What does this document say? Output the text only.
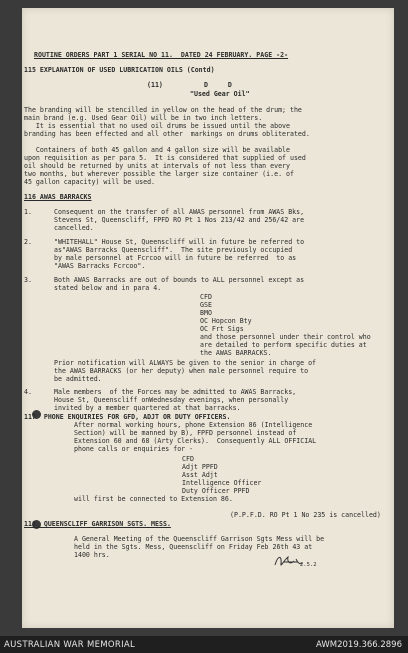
ROUTINE ORDERS PART 1 SERIAL NO 11.  DATED 24 FEBRUARY. PAGE -2-
115 EXPLANATION OF USED LUBRICATION OILS (Contd)
(11)	D     D
"Used Gear Oil"
The branding will be stencilled in yellow on the head of the drum; the
main brand (e.g. Used Gear Oil) will be in two inch letters.
It is essential that no used oil drums be issued until the above
branding has been effected and all other  markings on drums obliterated.
Containers of both 45 gallon and 4 gallon size will be available
upon requisition as per para 5.  It is considered that supplied of used
oil should be returned by units at intervals of not less than every
two months, but wherever possible the larger size container (i.e. of
45 gallon capacity) will be used.
116 AWAS BARRACKS
1.	Consequent on the transfer of all AWAS personnel from AWAS Bks,
Stevens St, Queenscliff, FPFD RO Pt 1 Nos 213/42 and 256/42 are
cancelled.
2.	"WHITEHALL" House St, Queenscliff will in future be referred to
as"AWAS Barracks Queenscliff".  The site previously occupied
by male personnel at Fcrcoo will in future be referred  to as
"AWAS Barracks Fcrcoo".
3.	Both AWAS Barracks are out of bounds to ALL personnel except as
stated below and in para 4.
CFD
GSE
BMO
OC Hopcon Bty
OC Frt Sigs
and those personnel under their control who
are detailed to perform specific duties at
the AWAS BARRACKS.
Prior notification will ALWAYS be given to the senior in charge of
the AWAS BARRACKS (or her deputy) when male personnel require to
be admitted.
4.	Male members  of the Forces may be admitted to AWAS Barracks,
House St, Queenscliff onWednesday evenings, when personally
invited by a member quartered at that barracks.
117  PHONE ENQUIRIES FOR GFD, ADJT OR DUTY OFFICERS.
After normal working hours, phone Extension 86 (Intelligence
Section) will be manned by B), FPFD personnel instead of
Extension 60 and 68 (Arty Clerks).  Consequently ALL OFFICIAL
phone calls or enquiries for -
CFD
Adjt PPFD
Asst Adjt
Intelligence Officer
Duty Officer PPFD
will first be connected to Extension 86.
(P.P.F.D. RO Pt 1 No 235 is cancelled)
118. QUEENSCLIFF GARRISON SGTS. MESS.
A General Meeting of the Queenscliff Garrison Sgts Mess will be
held in the Sgts. Mess, Queenscliff on Friday Feb 26th 43 at
1400 hrs.
2.5.2
AUSTRALIAN WAR MEMORIAL	AWM2019.366.2896
